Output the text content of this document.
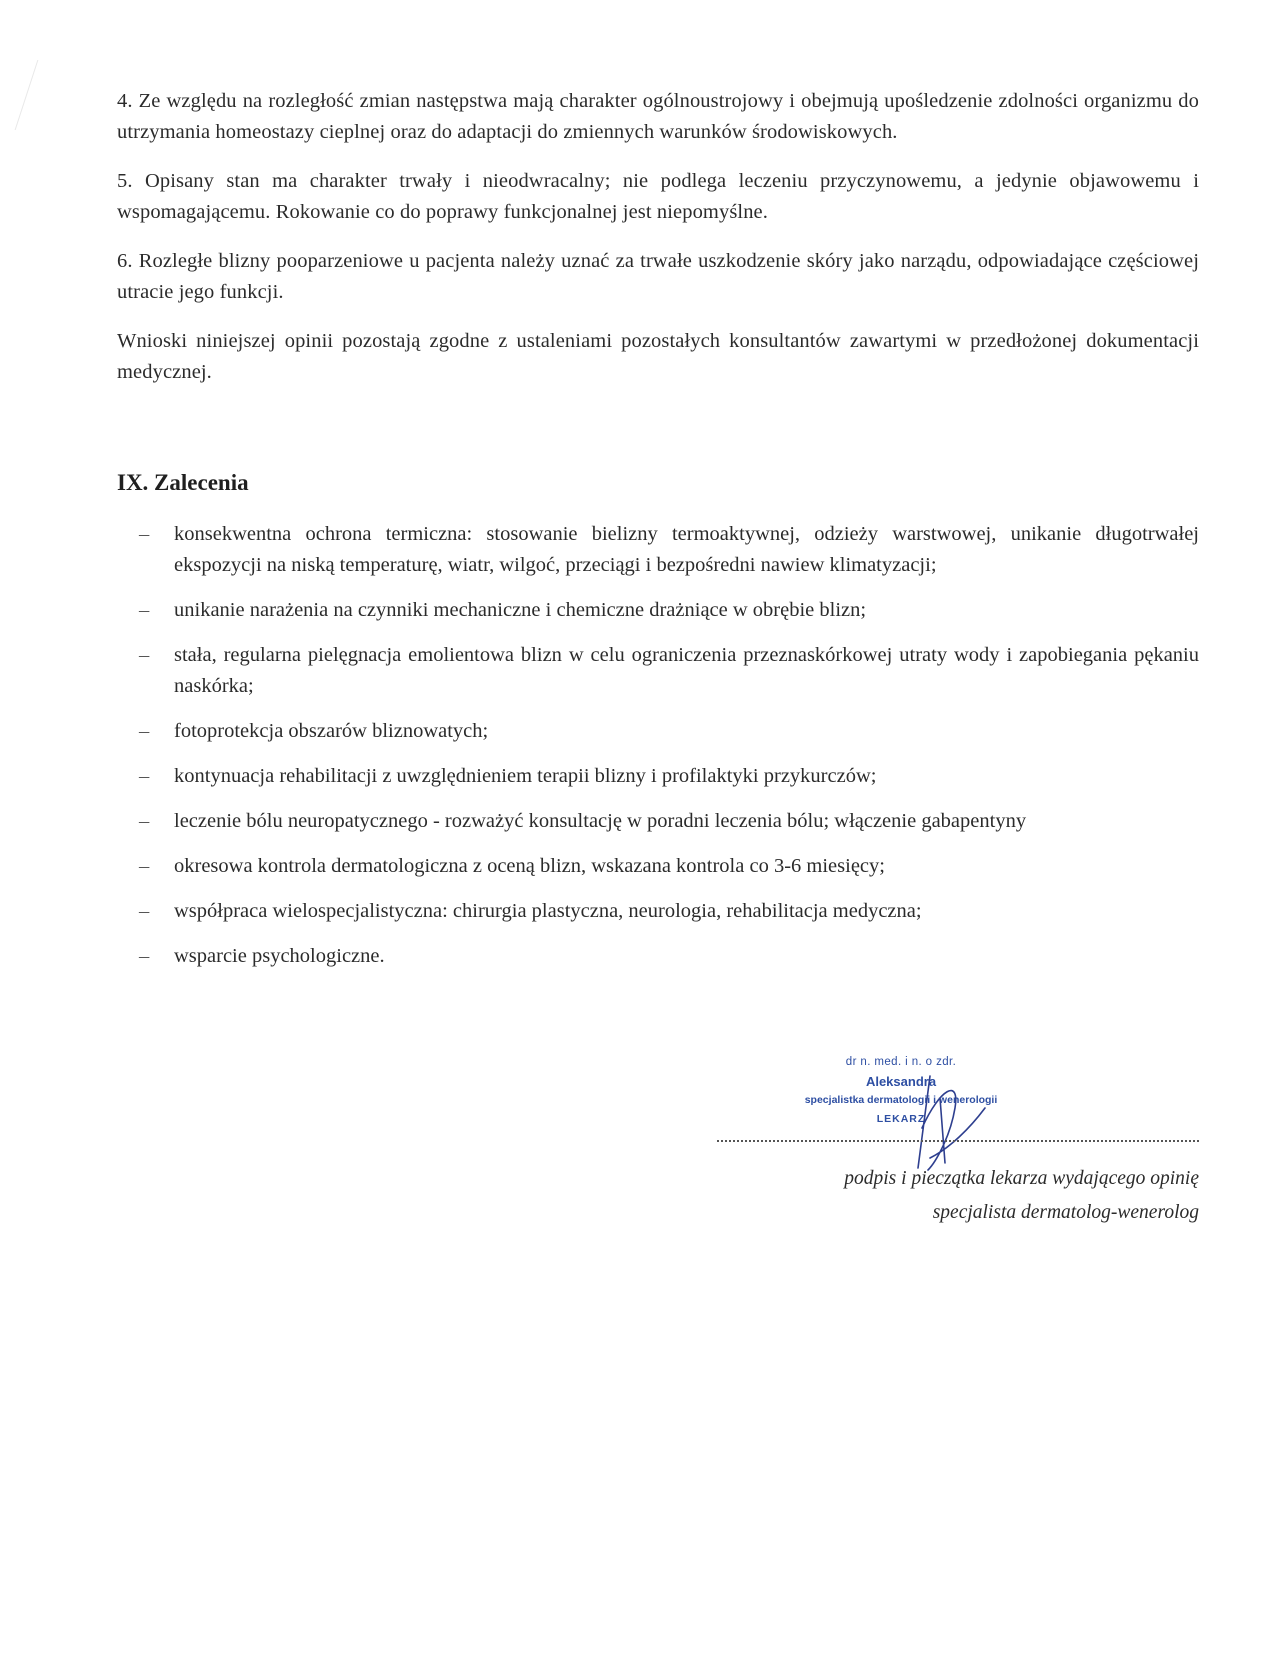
4. Ze względu na rozległość zmian następstwa mają charakter ogólnoustrojowy i obejmują upośledzenie zdolności organizmu do utrzymania homeostazy cieplnej oraz do adaptacji do zmiennych warunków środowiskowych.

5. Opisany stan ma charakter trwały i nieodwracalny; nie podlega leczeniu przyczynowemu, a jedynie objawowemu i wspomagającemu. Rokowanie co do poprawy funkcjonalnej jest niepomyślne.

6. Rozległe blizny pooparzeniowe u pacjenta należy uznać za trwałe uszkodzenie skóry jako narządu, odpowiadające częściowej utracie jego funkcji.

Wnioski niniejszej opinii pozostają zgodne z ustaleniami pozostałych konsultantów zawartymi w przedłożonej dokumentacji medycznej.

IX. Zalecenia
–	konsekwentna ochrona termiczna: stosowanie bielizny termoaktywnej, odzieży warstwowej, unikanie długotrwałej ekspozycji na niską temperaturę, wiatr, wilgoć, przeciągi i bezpośredni nawiew klimatyzacji;
–	unikanie narażenia na czynniki mechaniczne i chemiczne drażniące w obrębie blizn;
–	stała, regularna pielęgnacja emolientowa blizn w celu ograniczenia przeznaskórkowej utraty wody i zapobiegania pękaniu naskórka;
–	fotoprotekcja obszarów bliznowatych;
–	kontynuacja rehabilitacji z uwzględnieniem terapii blizny i profilaktyki przykurczów;
–	leczenie bólu neuropatycznego - rozważyć konsultację w poradni leczenia bólu; włączenie gabapentyny
–	okresowa kontrola dermatologiczna z oceną blizn, wskazana kontrola co 3-6 miesięcy;
–	współpraca wielospecjalistyczna: chirurgia plastyczna, neurologia, rehabilitacja medyczna;
–	wsparcie psychologiczne.
dr n. med. i n. o zdr.
Aleksandra
specjalistka dermatologii i wenerologii
LEKARZ
podpis i pieczątka lekarza wydającego opinię
specjalista dermatolog-wenerolog
